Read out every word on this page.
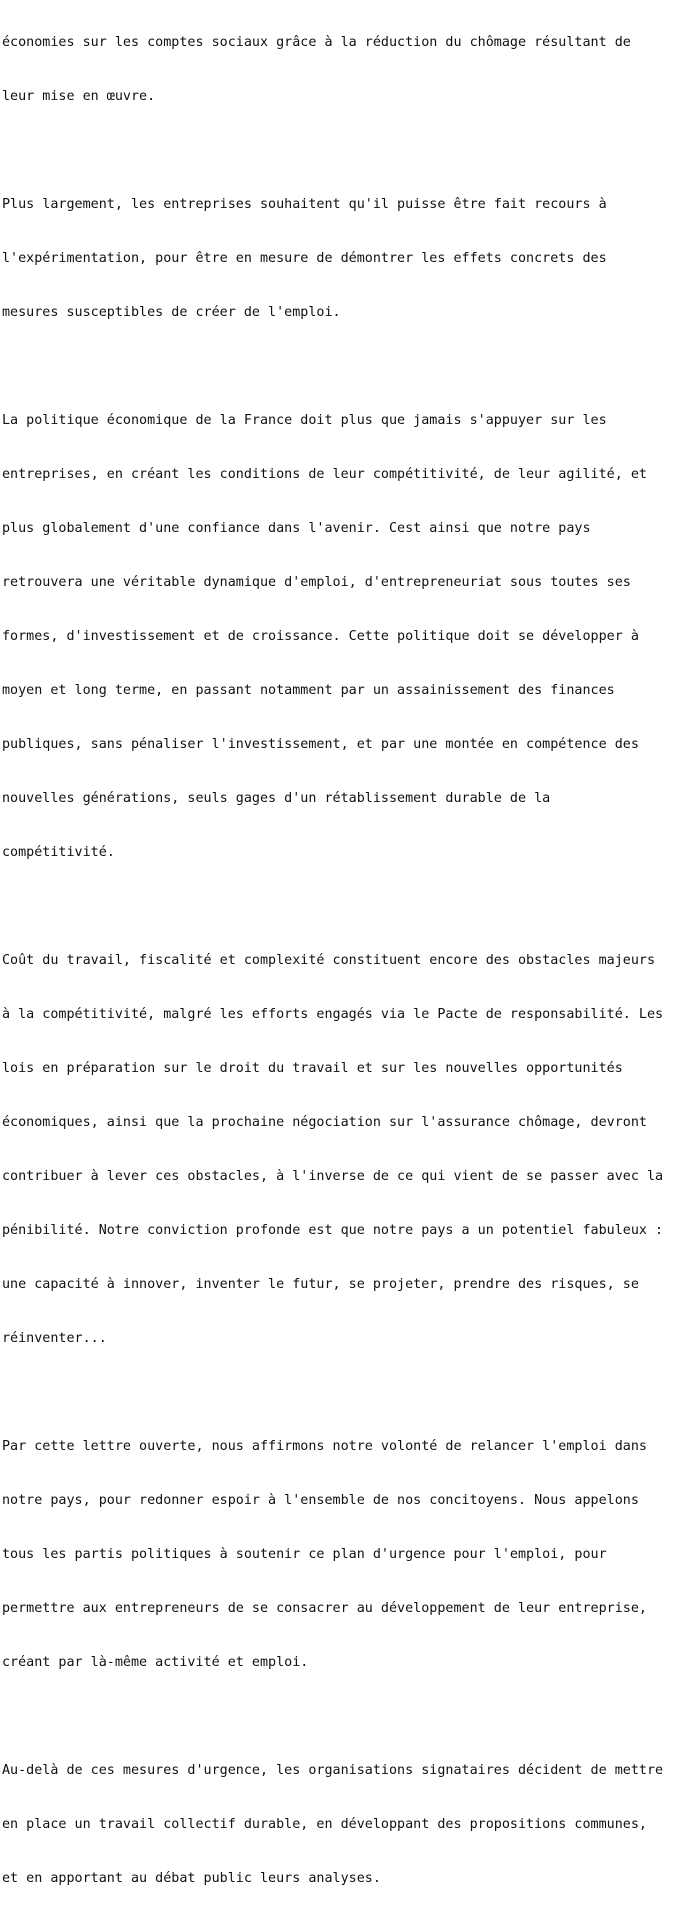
économies sur les comptes sociaux grâce à la réduction du chômage résultant de

leur mise en œuvre.

Plus largement, les entreprises souhaitent qu'il puisse être fait recours à

l'expérimentation, pour être en mesure de démontrer les effets concrets des

mesures susceptibles de créer de l'emploi.

La politique économique de la France doit plus que jamais s'appuyer sur les

entreprises, en créant les conditions de leur compétitivité, de leur agilité, et

plus globalement d'une confiance dans l'avenir. Cest ainsi que notre pays

retrouvera une véritable dynamique d'emploi, d'entrepreneuriat sous toutes ses

formes, d'investissement et de croissance. Cette politique doit se développer à

moyen et long terme, en passant notamment par un assainissement des finances

publiques, sans pénaliser l'investissement, et par une montée en compétence des

nouvelles générations, seuls gages d'un rétablissement durable de la

compétitivité.

Coût du travail, fiscalité et complexité constituent encore des obstacles majeurs

à la compétitivité, malgré les efforts engagés via le Pacte de responsabilité. Les

lois en préparation sur le droit du travail et sur les nouvelles opportunités

économiques, ainsi que la prochaine négociation sur l'assurance chômage, devront

contribuer à lever ces obstacles, à l'inverse de ce qui vient de se passer avec la

pénibilité. Notre conviction profonde est que notre pays a un potentiel fabuleux :

une capacité à innover, inventer le futur, se projeter, prendre des risques, se

réinventer...

Par cette lettre ouverte, nous affirmons notre volonté de relancer l'emploi dans

notre pays, pour redonner espoir à l'ensemble de nos concitoyens. Nous appelons

tous les partis politiques à soutenir ce plan d'urgence pour l'emploi, pour

permettre aux entrepreneurs de se consacrer au développement de leur entreprise,

créant par là-même activité et emploi.

Au-delà de ces mesures d'urgence, les organisations signataires décident de mettre

en place un travail collectif durable, en développant des propositions communes,

et en apportant au débat public leurs analyses.
